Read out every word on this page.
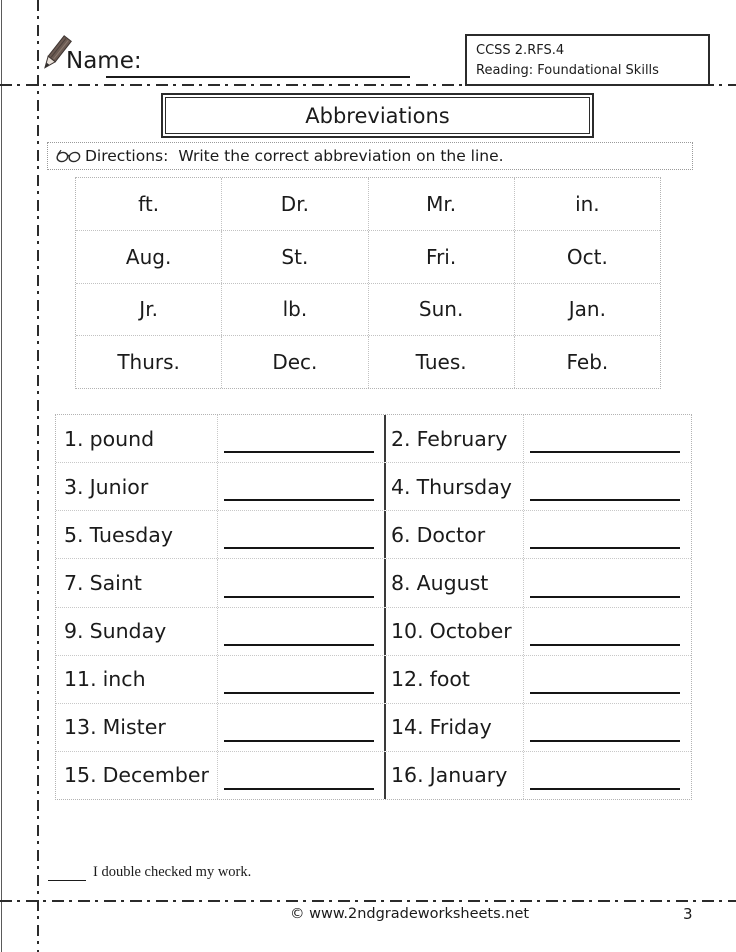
Name:	CCSS 2.RFS.4
Reading: Foundational Skills
Abbreviations
Directions: Write the correct abbreviation on the line.
ft.	Dr.	Mr.	in.
Aug.	St.	Fri.	Oct.
Jr.	lb.	Sun.	Jan.
Thurs.	Dec.	Tues.	Feb.
1. pound	2. February
3. Junior	4. Thursday
5. Tuesday	6. Doctor
7. Saint	8. August
9. Sunday	10. October
11. inch	12. foot
13. Mister	14. Friday
15. December	16. January
I double checked my work.
© www.2ndgradeworksheets.net	3
